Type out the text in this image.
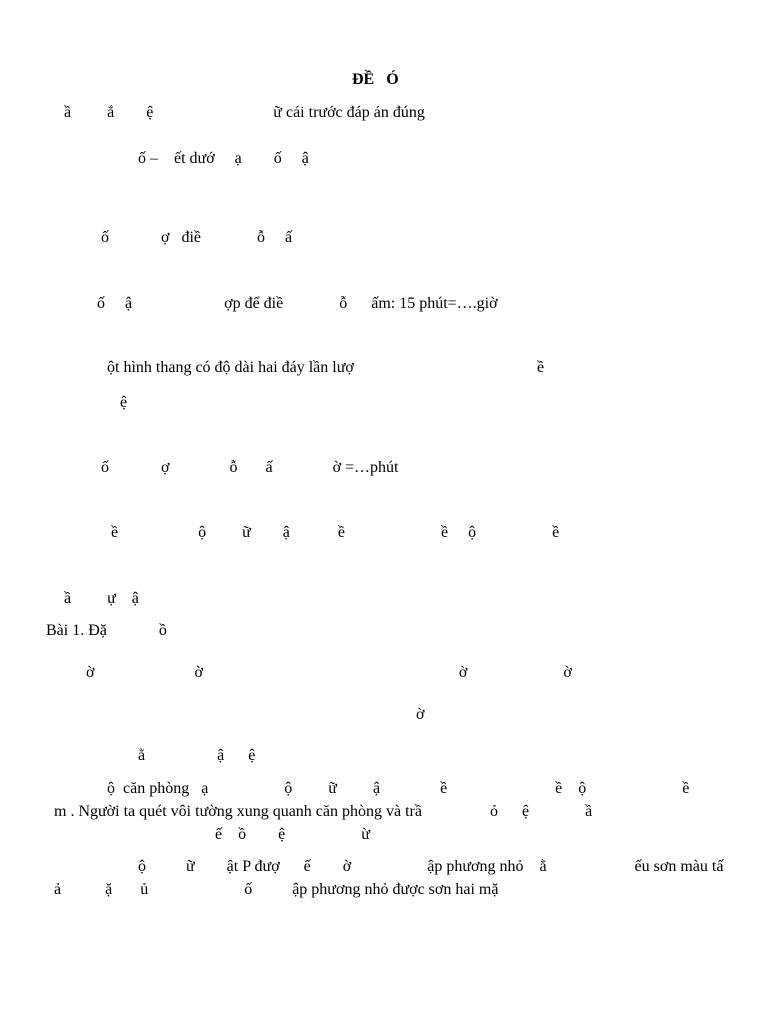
ĐỀ   Ó
ầ         ắ        ệ                              ữ cái trước đáp án đúng
ố –    ết dướ     ạ        ố     ậ
ố             ợ   điề              ỗ     ấ
ố     ậ                       ợp để điề              ỗ      ấm: 15 phút=….giờ
ột hình thang có độ dài hai đáy lần lượ	ề
ệ
ố             ợ               ỗ       ấ               ờ =…phút
ề                    ộ         ữ        ậ            ề                        ề     ộ                   ề
ầ         ự    ậ
Bài 1. Đặ             ồ
ờ                         ờ                                                                ờ                        ờ
ờ
ằ                  ậ      ệ
ộ  căn phòng   ạ                   ộ         ữ         ậ               ề                           ề    ộ                        ề
m . Người ta quét vôi tường xung quanh căn phòng và trầ                 ỏ      ệ              ầ
ế    ồ        ệ                   ừ
ộ          ữ        ật P đượ      ế        ờ                   ập phương nhỏ    ằ                      ếu sơn màu tấ
ả           ặ       ủ                        ố          ập phương nhỏ được sơn hai mặ
